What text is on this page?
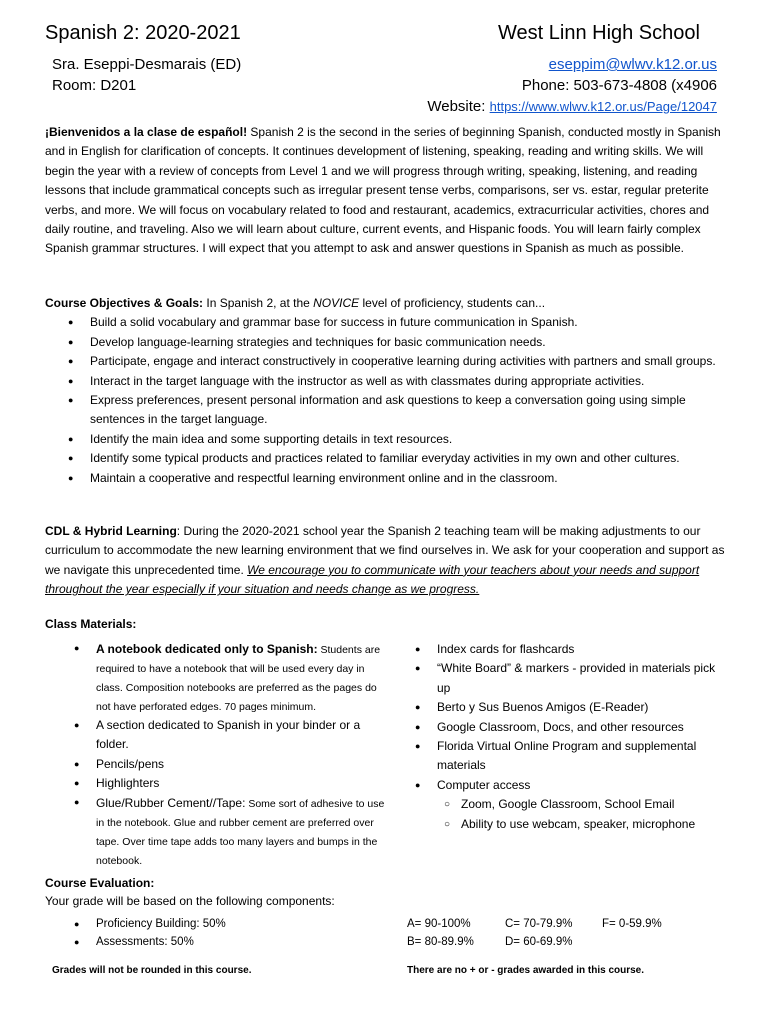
Spanish 2: 2020-2021	West Linn High School
Sra. Eseppi-Desmarais (ED)
Room: D201
eseppim@wlwv.k12.or.us
Phone: 503-673-4808 (x4906
Website: https://www.wlwv.k12.or.us/Page/12047
¡Bienvenidos a la clase de español! Spanish 2 is the second in the series of beginning Spanish, conducted mostly in Spanish and in English for clarification of concepts. It continues development of listening, speaking, reading and writing skills. We will begin the year with a review of concepts from Level 1 and we will progress through writing, speaking, listening, and reading lessons that include grammatical concepts such as irregular present tense verbs, comparisons, ser vs. estar, regular preterite verbs, and more. We will focus on vocabulary related to food and restaurant, academics, extracurricular activities, chores and daily routine, and traveling. Also we will learn about culture, current events, and Hispanic foods. You will learn fairly complex Spanish grammar structures. I will expect that you attempt to ask and answer questions in Spanish as much as possible.
Course Objectives & Goals: In Spanish 2, at the NOVICE level of proficiency, students can...
● Build a solid vocabulary and grammar base for success in future communication in Spanish.
● Develop language-learning strategies and techniques for basic communication needs.
● Participate, engage and interact constructively in cooperative learning during activities with partners and small groups.
● Interact in the target language with the instructor as well as with classmates during appropriate activities.
● Express preferences, present personal information and ask questions to keep a conversation going using simple sentences in the target language.
● Identify the main idea and some supporting details in text resources.
● Identify some typical products and practices related to familiar everyday activities in my own and other cultures.
● Maintain a cooperative and respectful learning environment online and in the classroom.
CDL & Hybrid Learning: During the 2020-2021 school year the Spanish 2 teaching team will be making adjustments to our curriculum to accommodate the new learning environment that we find ourselves in. We ask for your cooperation and support as we navigate this unprecedented time. We encourage you to communicate with your teachers about your needs and support throughout the year especially if your situation and needs change as we progress.
Class Materials:
● A notebook dedicated only to Spanish: Students are required to have a notebook that will be used every day in class. Composition notebooks are preferred as the pages do not have perforated edges. 70 pages minimum.
● A section dedicated to Spanish in your binder or a folder.
● Pencils/pens
● Highlighters
● Glue/Rubber Cement//Tape: Some sort of adhesive to use in the notebook. Glue and rubber cement are preferred over tape. Over time tape adds too many layers and bumps in the notebook.
● Index cards for flashcards
● “White Board” & markers - provided in materials pick up
● Berto y Sus Buenos Amigos (E-Reader)
● Google Classroom, Docs, and other resources
● Florida Virtual Online Program and supplemental materials
● Computer access
○ Zoom, Google Classroom, School Email
○ Ability to use webcam, speaker, microphone
Course Evaluation:
Your grade will be based on the following components:
● Proficiency Building: 50%
● Assessments: 50%
A= 90-100%
B= 80-89.9%
C= 70-79.9%
D= 60-69.9%
F= 0-59.9%
Grades will not be rounded in this course.	There are no + or - grades awarded in this course.
